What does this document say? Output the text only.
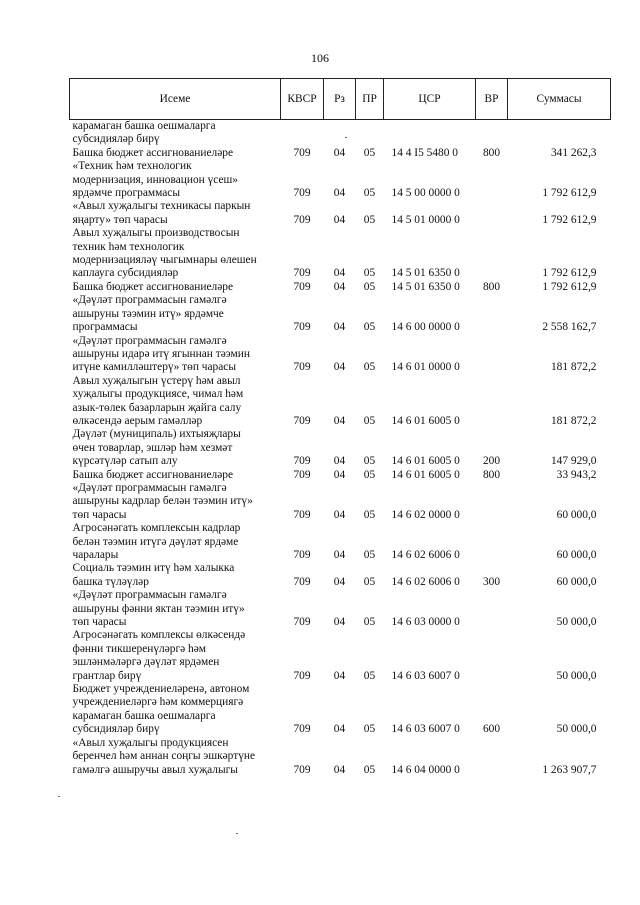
106
Исеме	КВСР	Рз	ПР	ЦСР	ВР	Суммасы

карамаган башка оешмаларга
субсидияләр бирү						

Башка бюджет ассигнованиеләре	709	04	05	14 4 I5 5480 0	800	341 262,3

«Техник һәм технологик
модернизация, инновацион үсеш»
ярдәмче программасы	709	04	05	14 5 00 0000 0		1 792 612,9

«Авыл хуҗалыгы техникасы паркын
яңарту» төп чарасы	709	04	05	14 5 01 0000 0		1 792 612,9

Авыл хуҗалыгы производствосын
техник һәм технологик
модернизацияләү чыгымнары өлешен
каплауга субсидияләр	709	04	05	14 5 01 6350 0		1 792 612,9

Башка бюджет ассигнованиеләре	709	04	05	14 5 01 6350 0	800	1 792 612,9

«Дәүләт программасын гамәлгә
ашыруны тәэмин итү» ярдәмче
программасы	709	04	05	14 6 00 0000 0		2 558 162,7

«Дәүләт программасын гамәлгә
ашыруны идарә итү ягыннан тәэмин
итүне камилләштерү» төп чарасы	709	04	05	14 6 01 0000 0		181 872,2

Авыл хуҗалыгын үстерү һәм авыл
хуҗалыгы продукциясе, чимал һәм
азык-төлек базарларын җайга салу
өлкәсендә аерым гамәлләр	709	04	05	14 6 01 6005 0		181 872,2

Дәүләт (муниципаль) ихтыяҗлары
өчен товарлар, эшләр һәм хезмәт
күрсәтүләр сатып алу	709	04	05	14 6 01 6005 0	200	147 929,0

Башка бюджет ассигнованиеләре	709	04	05	14 6 01 6005 0	800	33 943,2

«Дәүләт программасын гамәлгә
ашыруны кадрлар белән тәэмин итү»
төп чарасы	709	04	05	14 6 02 0000 0		60 000,0

Агросәнәгать комплексын кадрлар
белән тәэмин итүгә дәүләт ярдәме
чаралары	709	04	05	14 6 02 6006 0		60 000,0

Социаль тәэмин итү һәм халыкка
башка түләүләр	709	04	05	14 6 02 6006 0	300	60 000,0

«Дәүләт программасын гамәлгә
ашыруны фәнни яктан тәэмин итү»
төп чарасы	709	04	05	14 6 03 0000 0		50 000,0

Агросәнәгать комплексы өлкәсендә
фәнни тикшеренүләргә һәм
эшләнмәләргә дәүләт ярдәмен
грантлар бирү	709	04	05	14 6 03 6007 0		50 000,0

Бюджет учреждениеләренә, автоном
учреждениеләргә һәм коммерциягә
карамаган башка оешмаларга
субсидияләр бирү	709	04	05	14 6 03 6007 0	600	50 000,0

«Авыл хуҗалыгы продукциясен
беренчел һәм аннан соңгы эшкәртүне
гамәлгә ашыручы авыл хуҗалыгы	709	04	05	14 6 04 0000 0		1 263 907,7
